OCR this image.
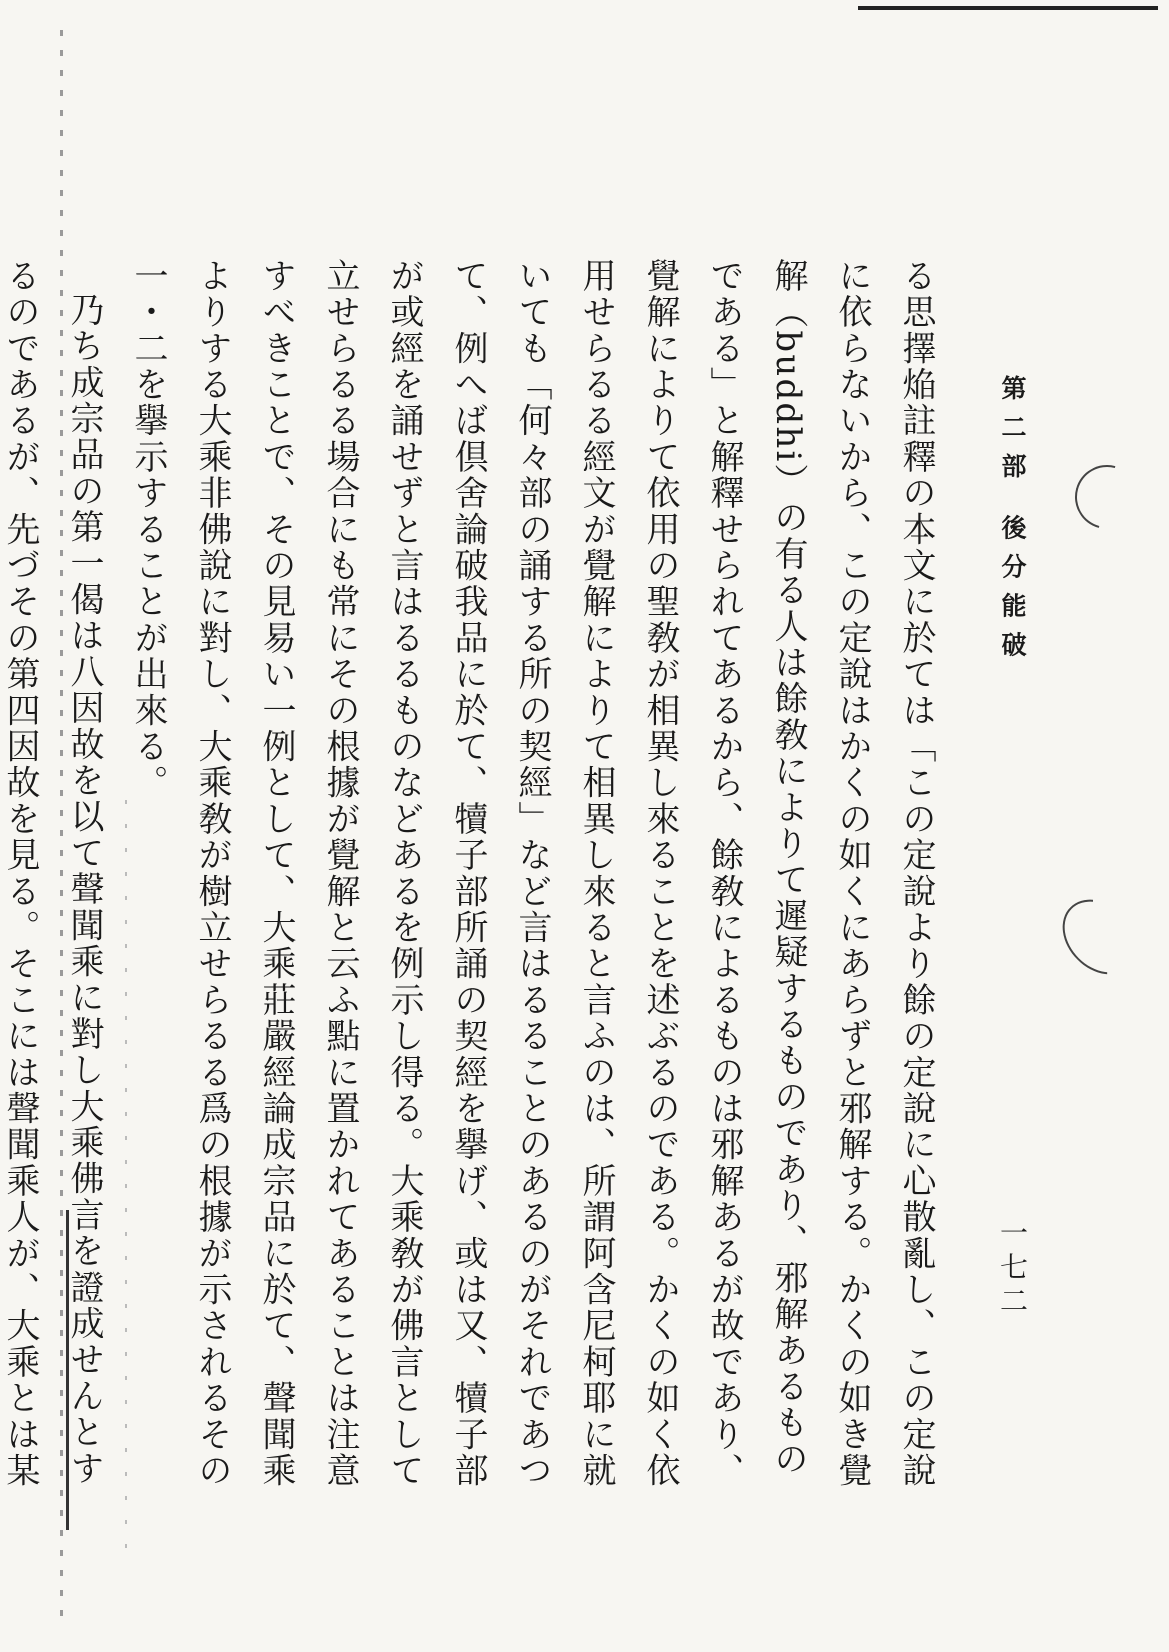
第二部 後分能破
一七二

る思擇焔註釋の本文に於ては「この定說より餘の定說に心散亂し、この定說に依らないから、この定說はかくの如くにあらずと邪解する。かくの如き覺解（buddhi）の有る人は餘敎によりて遲疑するものであり、邪解あるものである」と解釋せられてあるから、餘敎によるものは邪解あるが故であり、覺解によりて依用の聖敎が相異し來ることを述ぶるのである。かくの如く依用せらるる經文が覺解によりて相異し來ると言ふのは、所謂阿含尼柯耶に就いても「何々部の誦する所の契經」など言はるることのあるのがそれであつて、例へば倶舍論破我品に於て、犢子部所誦の契經を擧げ、或は又、犢子部が或經を誦せずと言はるるものなどあるを例示し得る。大乘敎が佛言として立せらるる場合にも常にその根據が覺解と云ふ點に置かれてあることは注意すべきことで、その見易い一例として、大乘莊嚴經論成宗品に於て、聲聞乘よりする大乘非佛說に對し、大乘敎が樹立せらるる爲の根據が示されるその一・二を擧示することが出來る。

乃ち成宗品の第一偈は八因故を以て聲聞乘に對し大乘佛言を證成せんとするのであるが、先づその第四因故を見る。そこには聲聞乘人が、大乘とは某
